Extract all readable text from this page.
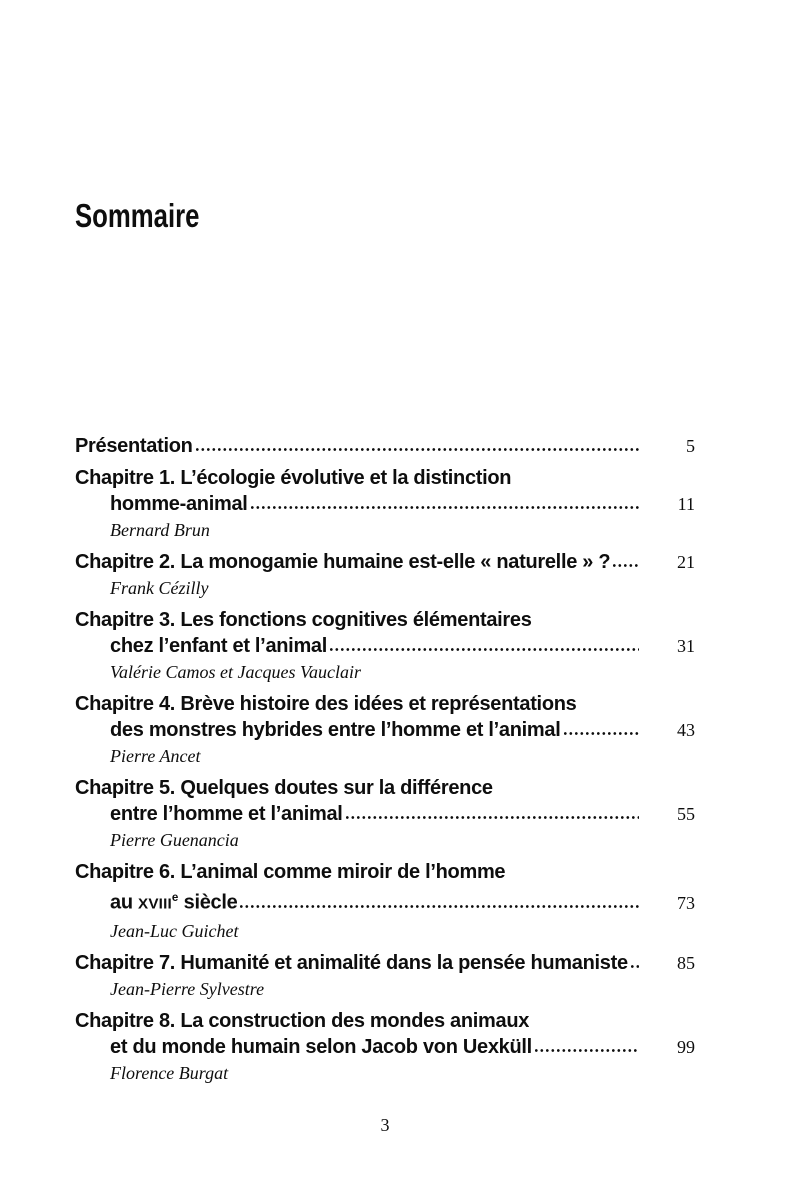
Sommaire
Présentation	5
Chapitre 1. L’écologie évolutive et la distinction
homme-animal	11
Bernard Brun
Chapitre 2. La monogamie humaine est-elle « naturelle » ?	21
Frank Cézilly
Chapitre 3. Les fonctions cognitives élémentaires
chez l’enfant et l’animal	31
Valérie Camos et Jacques Vauclair
Chapitre 4. Brève histoire des idées et représentations
des monstres hybrides entre l’homme et l’animal	43
Pierre Ancet
Chapitre 5. Quelques doutes sur la différence
entre l’homme et l’animal	55
Pierre Guenancia
Chapitre 6. L’animal comme miroir de l’homme
au XVIIIe siècle	73
Jean-Luc Guichet
Chapitre 7. Humanité et animalité dans la pensée humaniste	85
Jean-Pierre Sylvestre
Chapitre 8. La construction des mondes animaux
et du monde humain selon Jacob von Uexküll	99
Florence Burgat
3
